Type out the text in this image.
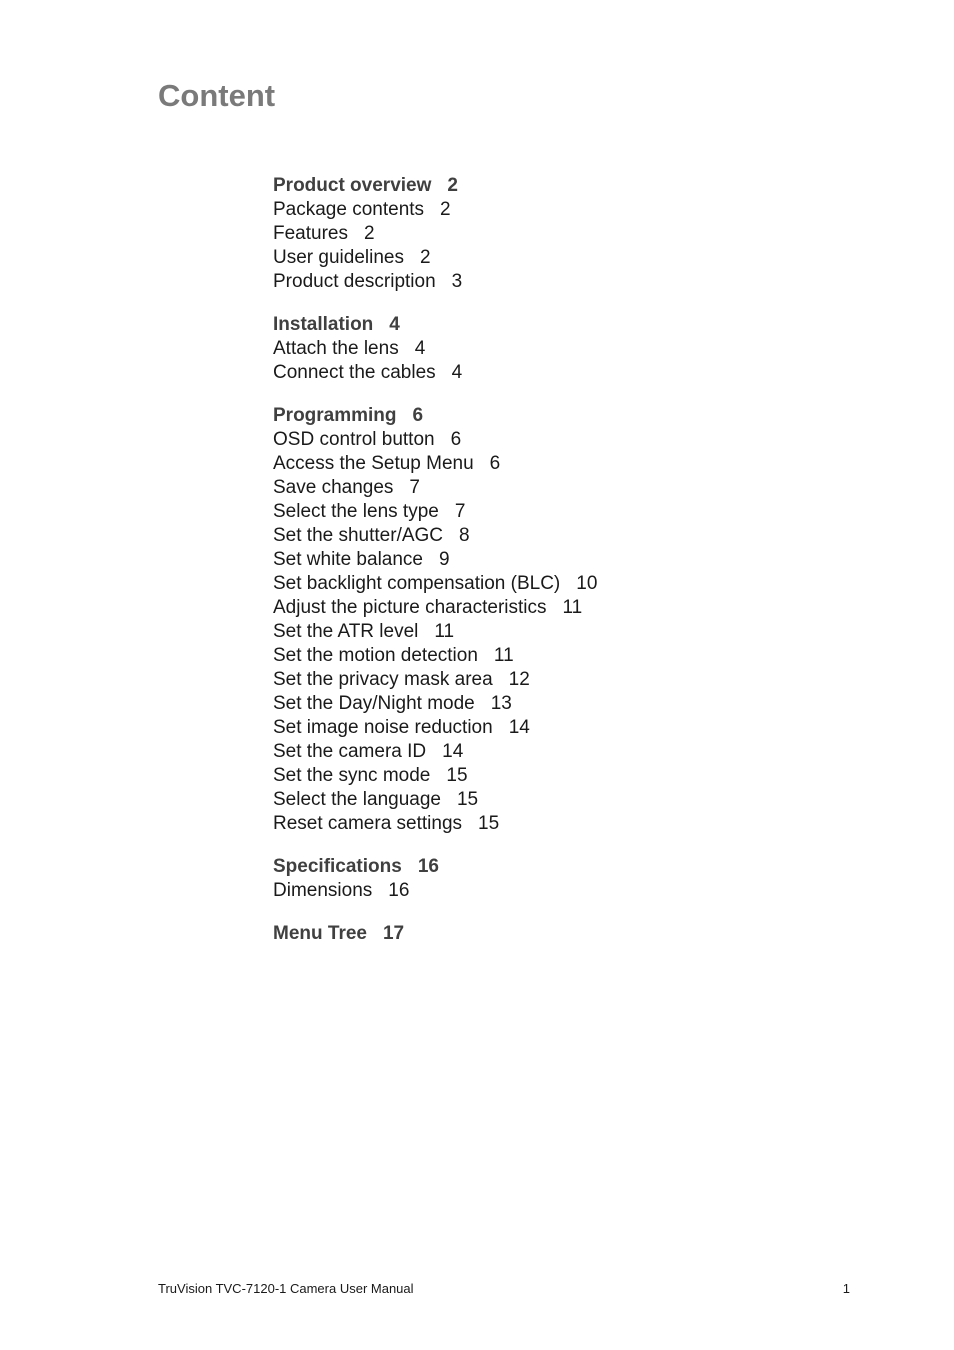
Content
Product overview 2
Package contents 2
Features 2
User guidelines 2
Product description 3
Installation 4
Attach the lens 4
Connect the cables 4
Programming 6
OSD control button 6
Access the Setup Menu 6
Save changes 7
Select the lens type 7
Set the shutter/AGC 8
Set white balance 9
Set backlight compensation (BLC) 10
Adjust the picture characteristics 11
Set the ATR level 11
Set the motion detection 11
Set the privacy mask area 12
Set the Day/Night mode 13
Set image noise reduction 14
Set the camera ID 14
Set the sync mode 15
Select the language 15
Reset camera settings 15
Specifications 16
Dimensions 16
Menu Tree 17
TruVision TVC-7120-1 Camera User Manual	1
